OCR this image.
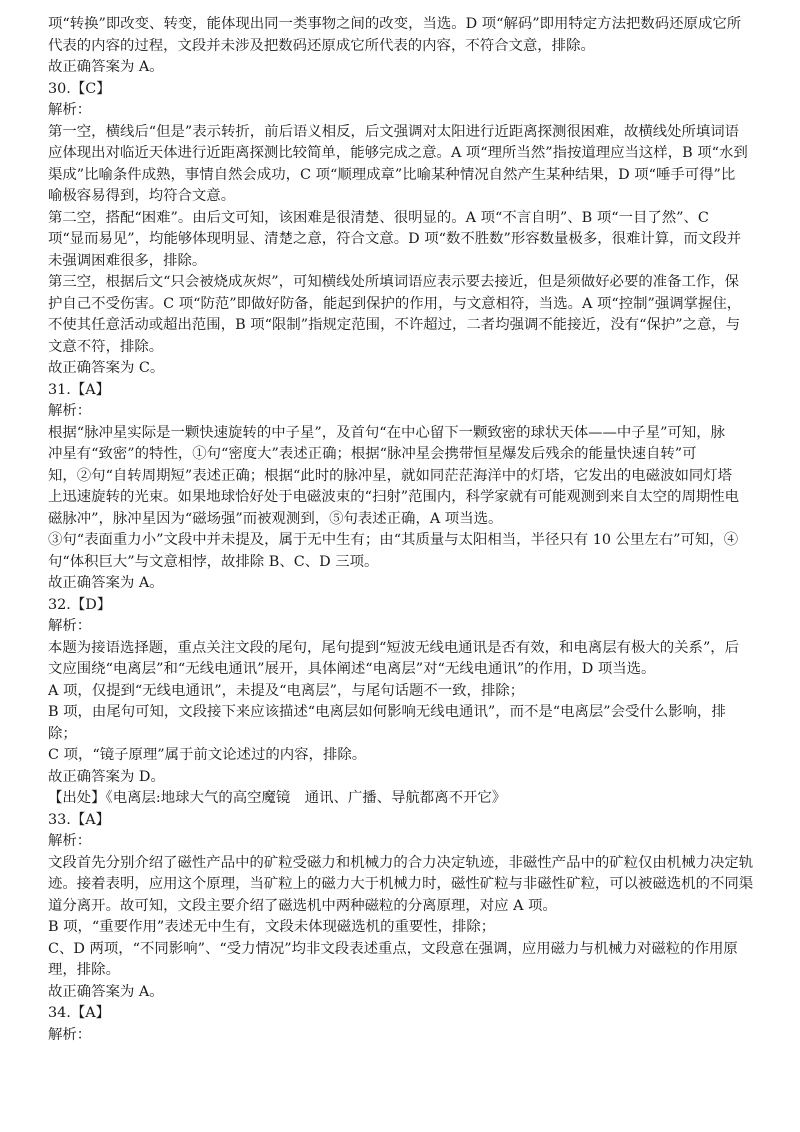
项“转换”即改变、转变，能体现出同一类事物之间的改变，当选。D 项“解码”即用特定方法把数码还原成它所
代表的内容的过程，文段并未涉及把数码还原成它所代表的内容，不符合文意，排除。
故正确答案为 A。
30.【C】
解析：
第一空，横线后“但是”表示转折，前后语义相反，后文强调对太阳进行近距离探测很困难，故横线处所填词语
应体现出对临近天体进行近距离探测比较简单，能够完成之意。A 项“理所当然”指按道理应当这样，B 项“水到
渠成”比喻条件成熟，事情自然会成功，C 项“顺理成章”比喻某种情况自然产生某种结果，D 项“唾手可得”比
喻极容易得到，均符合文意。
第二空，搭配“困难”。由后文可知，该困难是很清楚、很明显的。A 项“不言自明”、B 项“一目了然”、C
项“显而易见”，均能够体现明显、清楚之意，符合文意。D 项“数不胜数”形容数量极多，很难计算，而文段并
未强调困难很多，排除。
第三空，根据后文“只会被烧成灰烬”，可知横线处所填词语应表示要去接近，但是须做好必要的准备工作，保
护自己不受伤害。C 项“防范”即做好防备，能起到保护的作用，与文意相符，当选。A 项“控制”强调掌握住，
不使其任意活动或超出范围，B 项“限制”指规定范围，不许超过，二者均强调不能接近，没有“保护”之意，与
文意不符，排除。
故正确答案为 C。
31.【A】
解析：
根据“脉冲星实际是一颗快速旋转的中子星”，及首句“在中心留下一颗致密的球状天体——中子星”可知，脉
冲星有“致密”的特性，①句“密度大”表述正确；根据“脉冲星会携带恒星爆发后残余的能量快速自转”可
知，②句“自转周期短”表述正确；根据“此时的脉冲星，就如同茫茫海洋中的灯塔，它发出的电磁波如同灯塔
上迅速旋转的光束。如果地球恰好处于电磁波束的“扫射”范围内，科学家就有可能观测到来自太空的周期性电
磁脉冲”，脉冲星因为“磁场强”而被观测到，⑤句表述正确，A 项当选。
③句“表面重力小”文段中并未提及，属于无中生有；由“其质量与太阳相当，半径只有 10 公里左右”可知，④
句“体积巨大”与文意相悖，故排除 B、C、D 三项。
故正确答案为 A。
32.【D】
解析：
本题为接语选择题，重点关注文段的尾句，尾句提到“短波无线电通讯是否有效，和电离层有极大的关系”，后
文应围绕“电离层”和“无线电通讯”展开，具体阐述“电离层”对“无线电通讯”的作用，D 项当选。
A 项，仅提到“无线电通讯”，未提及“电离层”，与尾句话题不一致，排除；
B 项，由尾句可知，文段接下来应该描述“电离层如何影响无线电通讯”，而不是“电离层”会受什么影响，排
除；
C 项，“镜子原理”属于前文论述过的内容，排除。
故正确答案为 D。
【出处】《电离层:地球大气的高空魔镜　通讯、广播、导航都离不开它》
33.【A】
解析：
文段首先分别介绍了磁性产品中的矿粒受磁力和机械力的合力决定轨迹，非磁性产品中的矿粒仅由机械力决定轨
迹。接着表明，应用这个原理，当矿粒上的磁力大于机械力时，磁性矿粒与非磁性矿粒，可以被磁选机的不同渠
道分离开。故可知，文段主要介绍了磁选机中两种磁粒的分离原理，对应 A 项。
B 项，“重要作用”表述无中生有，文段未体现磁选机的重要性，排除；
C、D 两项，“不同影响”、“受力情况”均非文段表述重点，文段意在强调，应用磁力与机械力对磁粒的作用原
理，排除。
故正确答案为 A。
34.【A】
解析：
